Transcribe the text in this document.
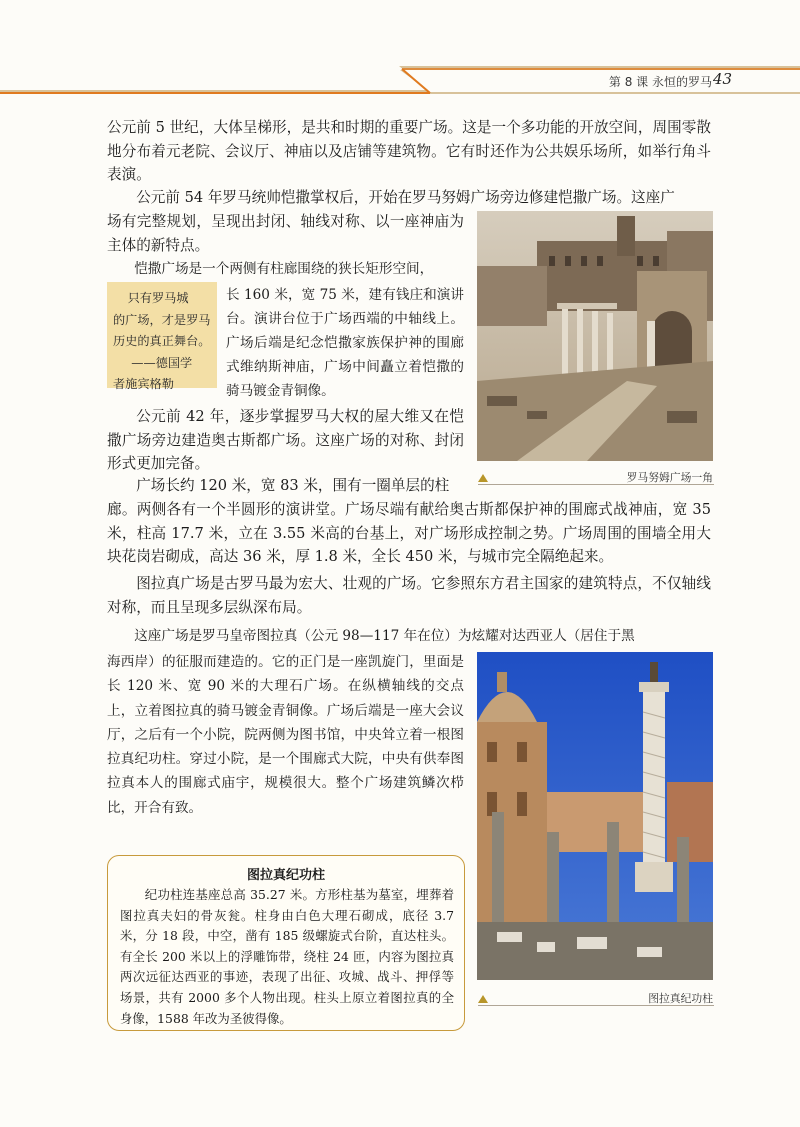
第 8 课 永恒的罗马 43

公元前 5 世纪，大体呈梯形，是共和时期的重要广场。这是一个多功能的开放空间，周围零散地分布着元老院、会议厅、神庙以及店铺等建筑物。它有时还作为公共娱乐场所，如举行角斗表演。

公元前 54 年罗马统帅恺撒掌权后，开始在罗马努姆广场旁边修建恺撒广场。这座广

场有完整规划，呈现出封闭、轴线对称、以一座神庙为主体的新特点。

恺撒广场是一个两侧有柱廊围绕的狭长矩形空间，

长 160 米，宽 75 米，建有钱庄和演讲台。演讲台位于广场西端的中轴线上。广场后端是纪念恺撒家族保护神的围廊式维纳斯神庙，广场中间矗立着恺撒的骑马镀金青铜像。

只有罗马城
的广场，才是罗马
历史的真正舞台。
——德国学
者施宾格勒

公元前 42 年，逐步掌握罗马大权的屋大维又在恺撒广场旁边建造奥古斯都广场。这座广场的对称、封闭形式更加完备。

罗马努姆广场一角

广场长约 120 米，宽 83 米，围有一圈单层的柱

廊。两侧各有一个半圆形的演讲堂。广场尽端有献给奥古斯都保护神的围廊式战神庙，宽 35 米，柱高 17.7 米，立在 3.55 米高的台基上，对广场形成控制之势。广场周围的围墙全用大块花岗岩砌成，高达 36 米，厚 1.8 米，全长 450 米，与城市完全隔绝起来。

图拉真广场是古罗马最为宏大、壮观的广场。它参照东方君主国家的建筑特点，不仅轴线对称，而且呈现多层纵深布局。

这座广场是罗马皇帝图拉真（公元 98—117 年在位）为炫耀对达西亚人（居住于黑

海西岸）的征服而建造的。它的正门是一座凯旋门，里面是长 120 米、宽 90 米的大理石广场。在纵横轴线的交点上，立着图拉真的骑马镀金青铜像。广场后端是一座大会议厅，之后有一个小院，院两侧为图书馆，中央耸立着一根图拉真纪功柱。穿过小院，是一个围廊式大院，中央有供奉图拉真本人的围廊式庙宇，规模很大。整个广场建筑鳞次栉比，开合有致。

图拉真纪功柱
图拉真纪功柱

纪功柱连基座总高 35.27 米。方形柱基为墓室，埋葬着图拉真夫妇的骨灰瓮。柱身由白色大理石砌成，底径 3.7 米，分 18 段，中空，凿有 185 级螺旋式台阶，直达柱头。有全长 200 米以上的浮雕饰带，绕柱 24 匝，内容为图拉真两次远征达西亚的事迹，表现了出征、攻城、战斗、押俘等场景，共有 2000 多个人物出现。柱头上原立着图拉真的全身像，1588 年改为圣彼得像。
